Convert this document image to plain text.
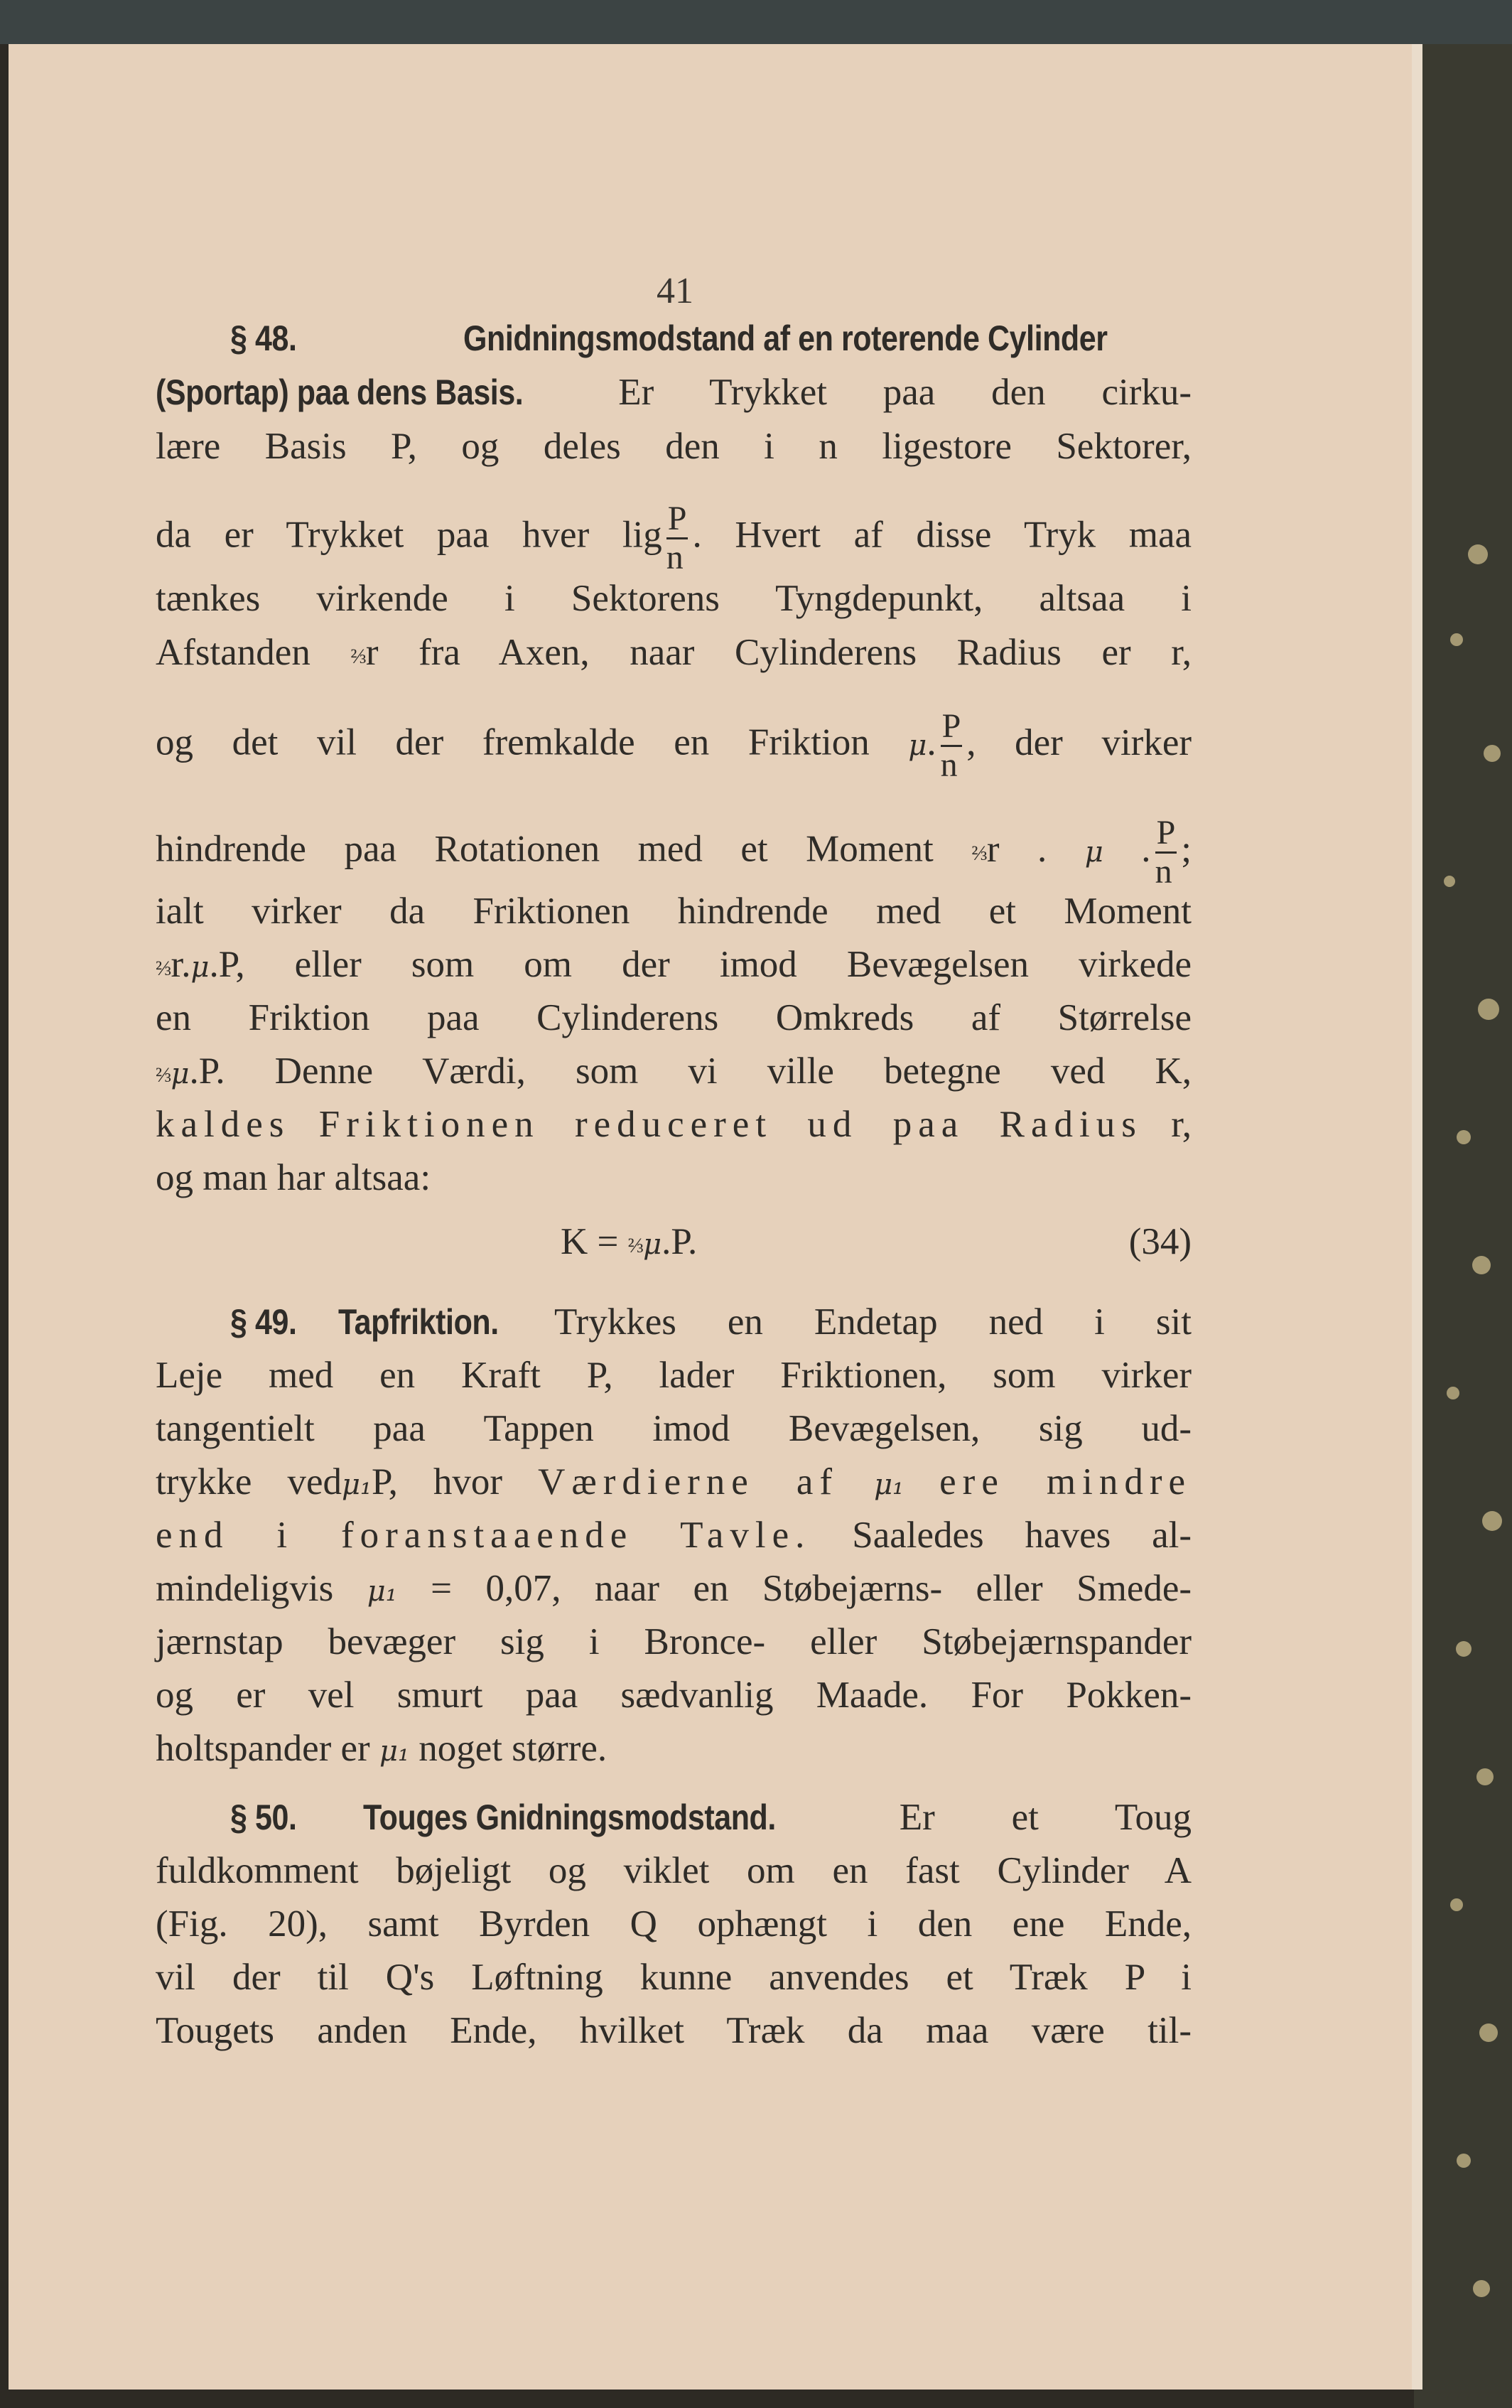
41
§ 48.	Gnidningsmodstand af en roterende Cylinder
(Sportap) paa dens Basis.	Er Trykket paa den cirku-
lære Basis P, og deles den i n ligestore Sektorer,
da er Trykket paa hver lig $\frac{P}{n}$ . Hvert af disse Tryk maa
tænkes virkende i Sektorens Tyngdepunkt, altsaa i
Afstanden ⅔r fra Axen, naar Cylinderens Radius er r,
og det vil der fremkalde en Friktion μ. $\frac{P}{n}$ , der virker
hindrende paa Rotationen med et Moment ⅔r . μ . $\frac{P}{n}$ ;
ialt virker da Friktionen hindrende med et Moment
⅔r.μ.P, eller som om der imod Bevægelsen virkede
en Friktion paa Cylinderens Omkreds af Størrelse
⅔μ.P. Denne Værdi, som vi ville betegne ved K,
kaldes Friktionen reduceret ud paa Radius r,
og man har altsaa:
K = ⅔μ.P.	(34)
§ 49. Tapfriktion. Trykkes en Endetap ned i sit
Leje med en Kraft P, lader Friktionen, som virker
tangentielt paa Tappen imod Bevægelsen, sig ud-
trykke vedμ₁P, hvor Værdierne af μ₁ ere mindre
end i foranstaaende Tavle. Saaledes haves al-
mindeligvis μ₁ = 0,07, naar en Støbejærns- eller Smede-
jærnstap bevæger sig i Bronce- eller Støbejærnspander
og er vel smurt paa sædvanlig Maade. For Pokken-
holtspander er μ₁ noget større.
§ 50. Touges Gnidningsmodstand.	Er et Toug
fuldkomment bøjeligt og viklet om en fast Cylinder A
(Fig. 20), samt Byrden Q ophængt i den ene Ende,
vil der til Q's Løftning kunne anvendes et Træk P i
Tougets anden Ende, hvilket Træk da maa være til-
